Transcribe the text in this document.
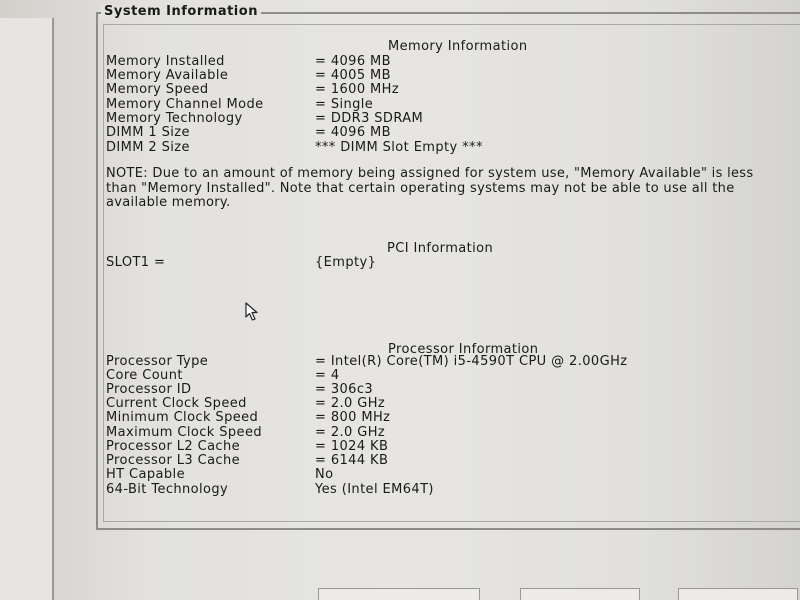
System Information
Memory Information
Memory Installed	= 4096 MB
Memory Available	= 4005 MB
Memory Speed	= 1600 MHz
Memory Channel Mode	= Single
Memory Technology	= DDR3 SDRAM
DIMM 1 Size	= 4096 MB
DIMM 2 Size	*** DIMM Slot Empty ***
NOTE: Due to an amount of memory being assigned for system use, "Memory Available" is less than "Memory Installed". Note that certain operating systems may not be able to use all the available memory.
PCI Information
SLOT1 =	{Empty}
Processor Information
Processor Type	= Intel(R) Core(TM) i5-4590T CPU @ 2.00GHz
Core Count	= 4
Processor ID	= 306c3
Current Clock Speed	= 2.0 GHz
Minimum Clock Speed	= 800 MHz
Maximum Clock Speed	= 2.0 GHz
Processor L2 Cache	= 1024 KB
Processor L3 Cache	= 6144 KB
HT Capable	No
64-Bit Technology	Yes (Intel EM64T)
